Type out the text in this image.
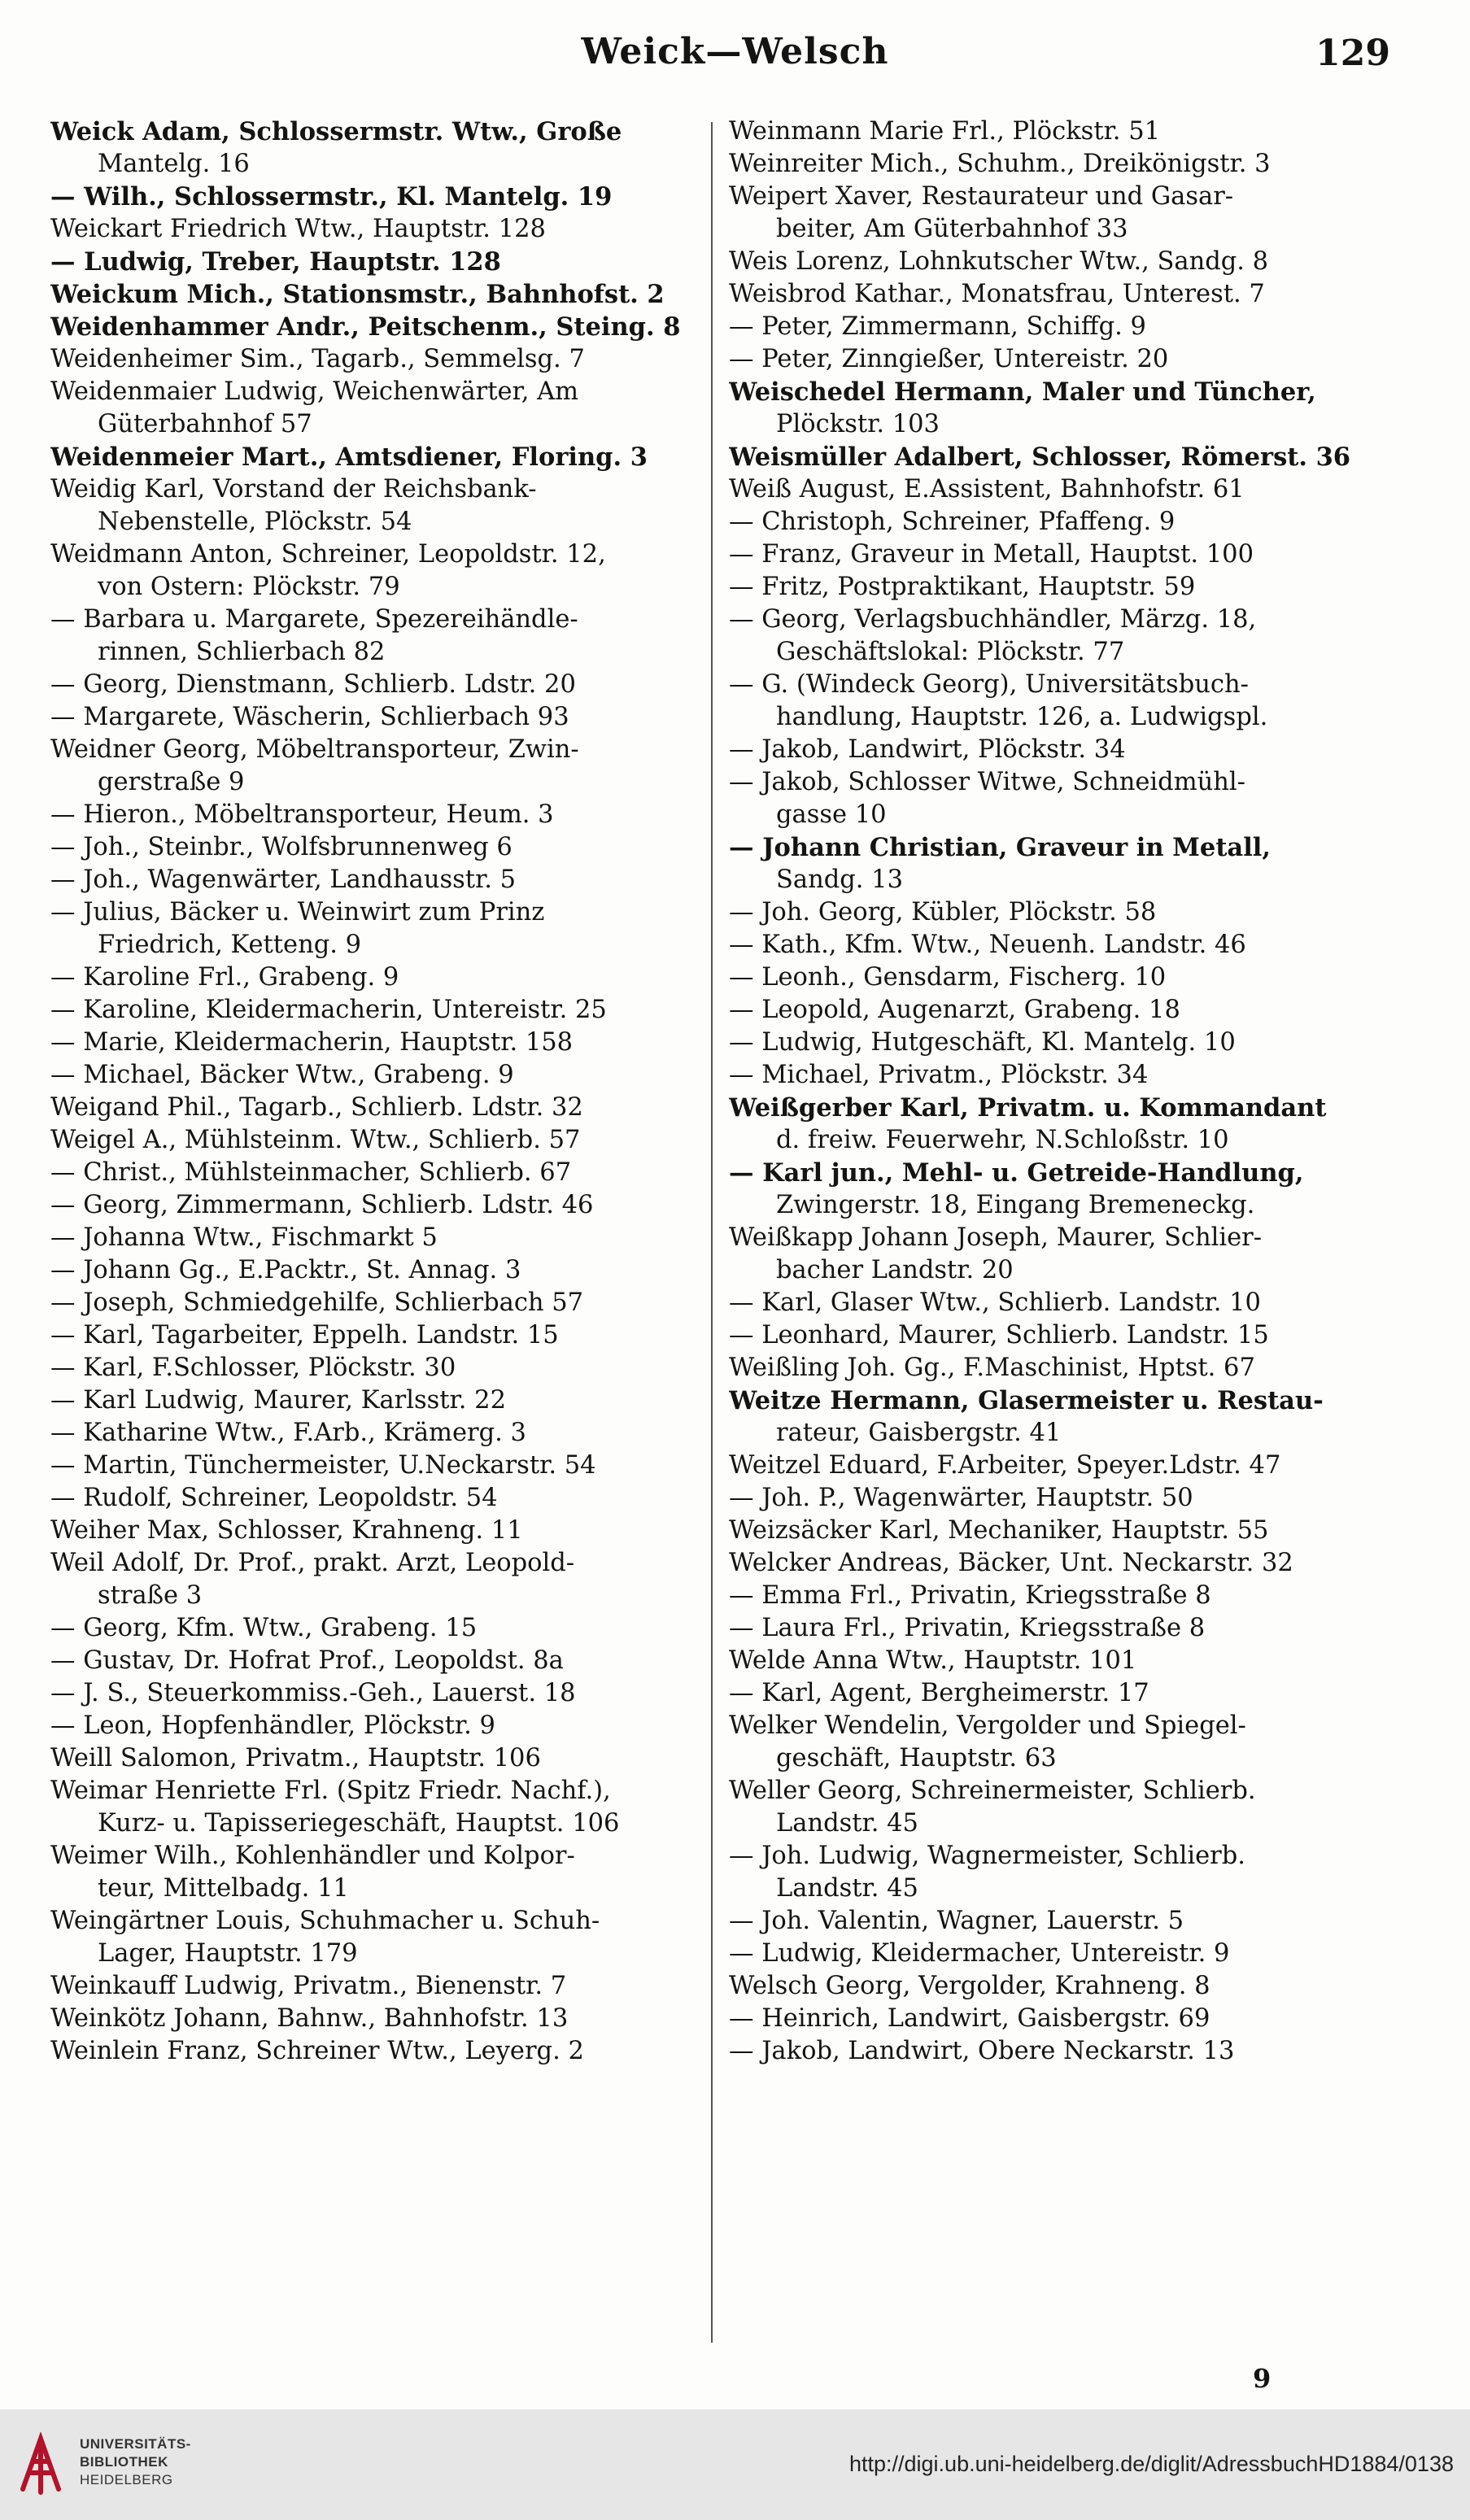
Weick—Welsch	129
Weick Adam, Schlossermstr. Wtw., Große
Mantelg. 16
— Wilh., Schlossermstr., Kl. Mantelg. 19
Weickart Friedrich Wtw., Hauptstr. 128
— Ludwig, Treber, Hauptstr. 128
Weickum Mich., Stationsmstr., Bahnhofst. 2
Weidenhammer Andr., Peitschenm., Steing. 8
Weidenheimer Sim., Tagarb., Semmelsg. 7
Weidenmaier Ludwig, Weichenwärter, Am
Güterbahnhof 57
Weidenmeier Mart., Amtsdiener, Floring. 3
Weidig Karl, Vorstand der Reichsbank-
Nebenstelle, Plöckstr. 54
Weidmann Anton, Schreiner, Leopoldstr. 12,
von Ostern: Plöckstr. 79
— Barbara u. Margarete, Spezereihändle-
rinnen, Schlierbach 82
— Georg, Dienstmann, Schlierb. Ldstr. 20
— Margarete, Wäscherin, Schlierbach 93
Weidner Georg, Möbeltransporteur, Zwin-
gerstraße 9
— Hieron., Möbeltransporteur, Heum. 3
— Joh., Steinbr., Wolfsbrunnenweg 6
— Joh., Wagenwärter, Landhausstr. 5
— Julius, Bäcker u. Weinwirt zum Prinz
Friedrich, Ketteng. 9
— Karoline Frl., Grabeng. 9
— Karoline, Kleidermacherin, Untereistr. 25
— Marie, Kleidermacherin, Hauptstr. 158
— Michael, Bäcker Wtw., Grabeng. 9
Weigand Phil., Tagarb., Schlierb. Ldstr. 32
Weigel A., Mühlsteinm. Wtw., Schlierb. 57
— Christ., Mühlsteinmacher, Schlierb. 67
— Georg, Zimmermann, Schlierb. Ldstr. 46
— Johanna Wtw., Fischmarkt 5
— Johann Gg., E.Packtr., St. Annag. 3
— Joseph, Schmiedgehilfe, Schlierbach 57
— Karl, Tagarbeiter, Eppelh. Landstr. 15
— Karl, F.Schlosser, Plöckstr. 30
— Karl Ludwig, Maurer, Karlsstr. 22
— Katharine Wtw., F.Arb., Krämerg. 3
— Martin, Tünchermeister, U.Neckarstr. 54
— Rudolf, Schreiner, Leopoldstr. 54
Weiher Max, Schlosser, Krahneng. 11
Weil Adolf, Dr. Prof., prakt. Arzt, Leopold-
straße 3
— Georg, Kfm. Wtw., Grabeng. 15
— Gustav, Dr. Hofrat Prof., Leopoldst. 8a
— J. S., Steuerkommiss.-Geh., Lauerst. 18
— Leon, Hopfenhändler, Plöckstr. 9
Weill Salomon, Privatm., Hauptstr. 106
Weimar Henriette Frl. (Spitz Friedr. Nachf.),
Kurz- u. Tapisseriegeschäft, Hauptst. 106
Weimer Wilh., Kohlenhändler und Kolpor-
teur, Mittelbadg. 11
Weingärtner Louis, Schuhmacher u. Schuh-
Lager, Hauptstr. 179
Weinkauff Ludwig, Privatm., Bienenstr. 7
Weinkötz Johann, Bahnw., Bahnhofstr. 13
Weinlein Franz, Schreiner Wtw., Leyerg. 2
Weinmann Marie Frl., Plöckstr. 51
Weinreiter Mich., Schuhm., Dreikönigstr. 3
Weipert Xaver, Restaurateur und Gasar-
beiter, Am Güterbahnhof 33
Weis Lorenz, Lohnkutscher Wtw., Sandg. 8
Weisbrod Kathar., Monatsfrau, Unterest. 7
— Peter, Zimmermann, Schiffg. 9
— Peter, Zinngießer, Untereistr. 20
Weischedel Hermann, Maler und Tüncher,
Plöckstr. 103
Weismüller Adalbert, Schlosser, Römerst. 36
Weiß August, E.Assistent, Bahnhofstr. 61
— Christoph, Schreiner, Pfaffeng. 9
— Franz, Graveur in Metall, Hauptst. 100
— Fritz, Postpraktikant, Hauptstr. 59
— Georg, Verlagsbuchhändler, Märzg. 18,
Geschäftslokal: Plöckstr. 77
— G. (Windeck Georg), Universitätsbuch-
handlung, Hauptstr. 126, a. Ludwigspl.
— Jakob, Landwirt, Plöckstr. 34
— Jakob, Schlosser Witwe, Schneidmühl-
gasse 10
— Johann Christian, Graveur in Metall,
Sandg. 13
— Joh. Georg, Kübler, Plöckstr. 58
— Kath., Kfm. Wtw., Neuenh. Landstr. 46
— Leonh., Gensdarm, Fischerg. 10
— Leopold, Augenarzt, Grabeng. 18
— Ludwig, Hutgeschäft, Kl. Mantelg. 10
— Michael, Privatm., Plöckstr. 34
Weißgerber Karl, Privatm. u. Kommandant
d. freiw. Feuerwehr, N.Schloßstr. 10
— Karl jun., Mehl- u. Getreide-Handlung,
Zwingerstr. 18, Eingang Bremeneckg.
Weißkapp Johann Joseph, Maurer, Schlier-
bacher Landstr. 20
— Karl, Glaser Wtw., Schlierb. Landstr. 10
— Leonhard, Maurer, Schlierb. Landstr. 15
Weißling Joh. Gg., F.Maschinist, Hptst. 67
Weitze Hermann, Glasermeister u. Restau-
rateur, Gaisbergstr. 41
Weitzel Eduard, F.Arbeiter, Speyer.Ldstr. 47
— Joh. P., Wagenwärter, Hauptstr. 50
Weizsäcker Karl, Mechaniker, Hauptstr. 55
Welcker Andreas, Bäcker, Unt. Neckarstr. 32
— Emma Frl., Privatin, Kriegsstraße 8
— Laura Frl., Privatin, Kriegsstraße 8
Welde Anna Wtw., Hauptstr. 101
— Karl, Agent, Bergheimerstr. 17
Welker Wendelin, Vergolder und Spiegel-
geschäft, Hauptstr. 63
Weller Georg, Schreinermeister, Schlierb.
Landstr. 45
— Joh. Ludwig, Wagnermeister, Schlierb.
Landstr. 45
— Joh. Valentin, Wagner, Lauerstr. 5
— Ludwig, Kleidermacher, Untereistr. 9
Welsch Georg, Vergolder, Krahneng. 8
— Heinrich, Landwirt, Gaisbergstr. 69
— Jakob, Landwirt, Obere Neckarstr. 13
9
UNIVERSITÄTS-
BIBLIOTHEK
HEIDELBERG
http://digi.ub.uni-heidelberg.de/diglit/AdressbuchHD1884/0138
